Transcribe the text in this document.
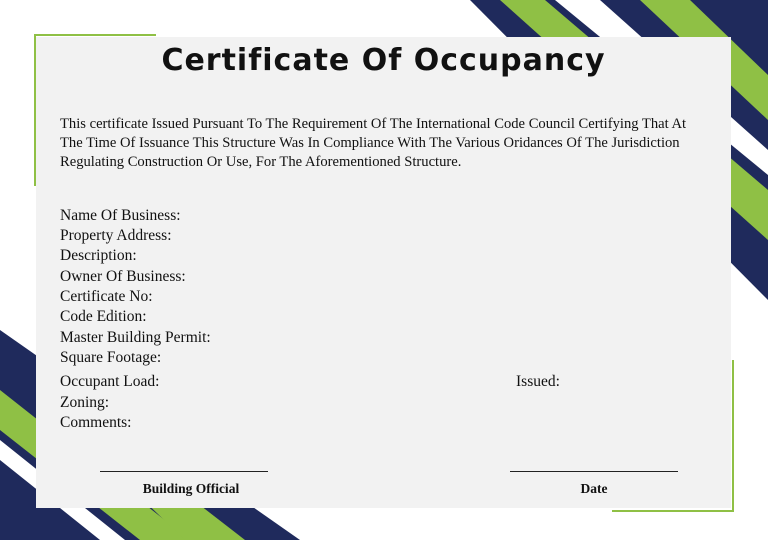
Certificate Of Occupancy
This certificate Issued Pursuant To The Requirement Of The International Code Council Certifying That At The Time Of Issuance This Structure Was In Compliance With The Various Oridances Of The Jurisdiction Regulating Construction Or Use, For The Aforementioned Structure.
Name Of Business:
Property Address:
Description:
Owner Of Business:
Certificate No:
Code Edition:
Master Building Permit:
Square Footage:
Occupant Load:	Issued:
Zoning:
Comments:
Building Official	Date
